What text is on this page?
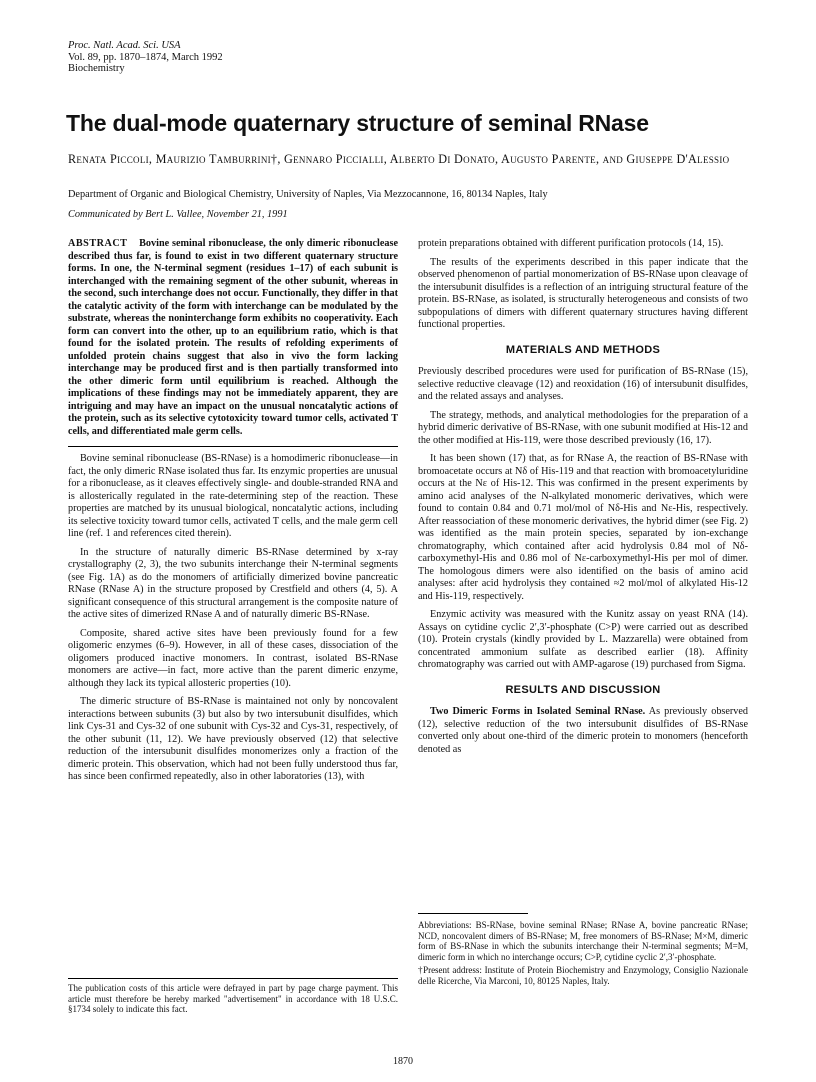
Proc. Natl. Acad. Sci. USA
Vol. 89, pp. 1870–1874, March 1992
Biochemistry
The dual-mode quaternary structure of seminal RNase
Renata Piccoli, Maurizio Tamburrini†, Gennaro Piccialli, Alberto Di Donato, Augusto Parente, and Giuseppe D'Alessio
Department of Organic and Biological Chemistry, University of Naples, Via Mezzocannone, 16, 80134 Naples, Italy
Communicated by Bert L. Vallee, November 21, 1991
ABSTRACT Bovine seminal ribonuclease, the only dimeric ribonuclease described thus far, is found to exist in two different quaternary structure forms. In one, the N-terminal segment (residues 1–17) of each subunit is interchanged with the remaining segment of the other subunit, whereas in the second, such interchange does not occur. Functionally, they differ in that the catalytic activity of the form with interchange can be modulated by the substrate, whereas the noninterchange form exhibits no cooperativity. Each form can convert into the other, up to an equilibrium ratio, which is that found for the isolated protein. The results of refolding experiments of unfolded protein chains suggest that also in vivo the form lacking interchange may be produced first and is then partially transformed into the other dimeric form until equilibrium is reached. Although the implications of these findings may not be immediately apparent, they are intriguing and may have an impact on the unusual noncatalytic actions of the protein, such as its selective cytotoxicity toward tumor cells, activated T cells, and differentiated male germ cells.

Bovine seminal ribonuclease (BS-RNase) is a homodimeric ribonuclease—in fact, the only dimeric RNase isolated thus far. Its enzymic properties are unusual for a ribonuclease, as it cleaves effectively single- and double-stranded RNA and is allosterically regulated in the rate-determining step of the reaction. These properties are matched by its unusual biological, noncatalytic actions, including its selective toxicity toward tumor cells, activated T cells, and the male germ cell line (ref. 1 and references cited therein).

In the structure of naturally dimeric BS-RNase determined by x-ray crystallography (2, 3), the two subunits interchange their N-terminal segments (see Fig. 1A) as do the monomers of artificially dimerized bovine pancreatic RNase (RNase A) in the structure proposed by Crestfield and others (4, 5). A significant consequence of this structural arrangement is the composite nature of the active sites of dimerized RNase A and of naturally dimeric BS-RNase.

Composite, shared active sites have been previously found for a few oligomeric enzymes (6–9). However, in all of these cases, dissociation of the oligomers produced inactive monomers. In contrast, isolated BS-RNase monomers are active—in fact, more active than the parent dimeric enzyme, although they lack its typical allosteric properties (10).

The dimeric structure of BS-RNase is maintained not only by noncovalent interactions between subunits (3) but also by two intersubunit disulfides, which link Cys-31 and Cys-32 of one subunit with Cys-32 and Cys-31, respectively, of the other subunit (11, 12). We have previously observed (12) that selective reduction of the intersubunit disulfides monomerizes only a fraction of the dimeric protein. This observation, which had not been fully understood thus far, has since been confirmed repeatedly, also in other laboratories (13), with

The publication costs of this article were defrayed in part by page charge payment. This article must therefore be hereby marked "advertisement" in accordance with 18 U.S.C. §1734 solely to indicate this fact.

protein preparations obtained with different purification protocols (14, 15).

The results of the experiments described in this paper indicate that the observed phenomenon of partial monomerization of BS-RNase upon cleavage of the intersubunit disulfides is a reflection of an intriguing structural feature of the protein. BS-RNase, as isolated, is structurally heterogeneous and consists of two subpopulations of dimers with different quaternary structures having different functional properties.

MATERIALS AND METHODS

Previously described procedures were used for purification of BS-RNase (15), selective reductive cleavage (12) and reoxidation (16) of intersubunit disulfides, and the related assays and analyses.

The strategy, methods, and analytical methodologies for the preparation of a hybrid dimeric derivative of BS-RNase, with one subunit modified at His-12 and the other modified at His-119, were those described previously (16, 17).

It has been shown (17) that, as for RNase A, the reaction of BS-RNase with bromoacetate occurs at Nδ of His-119 and that reaction with bromoacetyluridine occurs at the Nε of His-12. This was confirmed in the present experiments by amino acid analyses of the N-alkylated monomeric derivatives, which were found to contain 0.84 and 0.71 mol/mol of Nδ-His and Nε-His, respectively. After reassociation of these monomeric derivatives, the hybrid dimer (see Fig. 2) was identified as the main protein species, separated by ion-exchange chromatography, which contained after acid hydrolysis 0.84 mol of Nδ-carboxymethyl-His and 0.86 mol of Nε-carboxymethyl-His per mol of dimer. The homologous dimers were also identified on the basis of amino acid analyses: after acid hydrolysis they contained ≈2 mol/mol of alkylated His-12 and His-119, respectively.

Enzymic activity was measured with the Kunitz assay on yeast RNA (14). Assays on cytidine cyclic 2′,3′-phosphate (C>P) were carried out as described (10). Protein crystals (kindly provided by L. Mazzarella) were obtained from concentrated ammonium sulfate as described earlier (18). Affinity chromatography was carried out with AMP-agarose (19) purchased from Sigma.

RESULTS AND DISCUSSION

Two Dimeric Forms in Isolated Seminal RNase. As previously observed (12), selective reduction of the two intersubunit disulfides of BS-RNase converted only about one-third of the dimeric protein to monomers (henceforth denoted as

Abbreviations: BS-RNase, bovine seminal RNase; RNase A, bovine pancreatic RNase; NCD, noncovalent dimers of BS-RNase; M, free monomers of BS-RNase; M×M, dimeric form of BS-RNase in which the subunits interchange their N-terminal segments; M=M, dimeric form in which no interchange occurs; C>P, cytidine cyclic 2′,3′-phosphate.

†Present address: Institute of Protein Biochemistry and Enzymology, Consiglio Nazionale delle Ricerche, Via Marconi, 10, 80125 Naples, Italy.

1870
